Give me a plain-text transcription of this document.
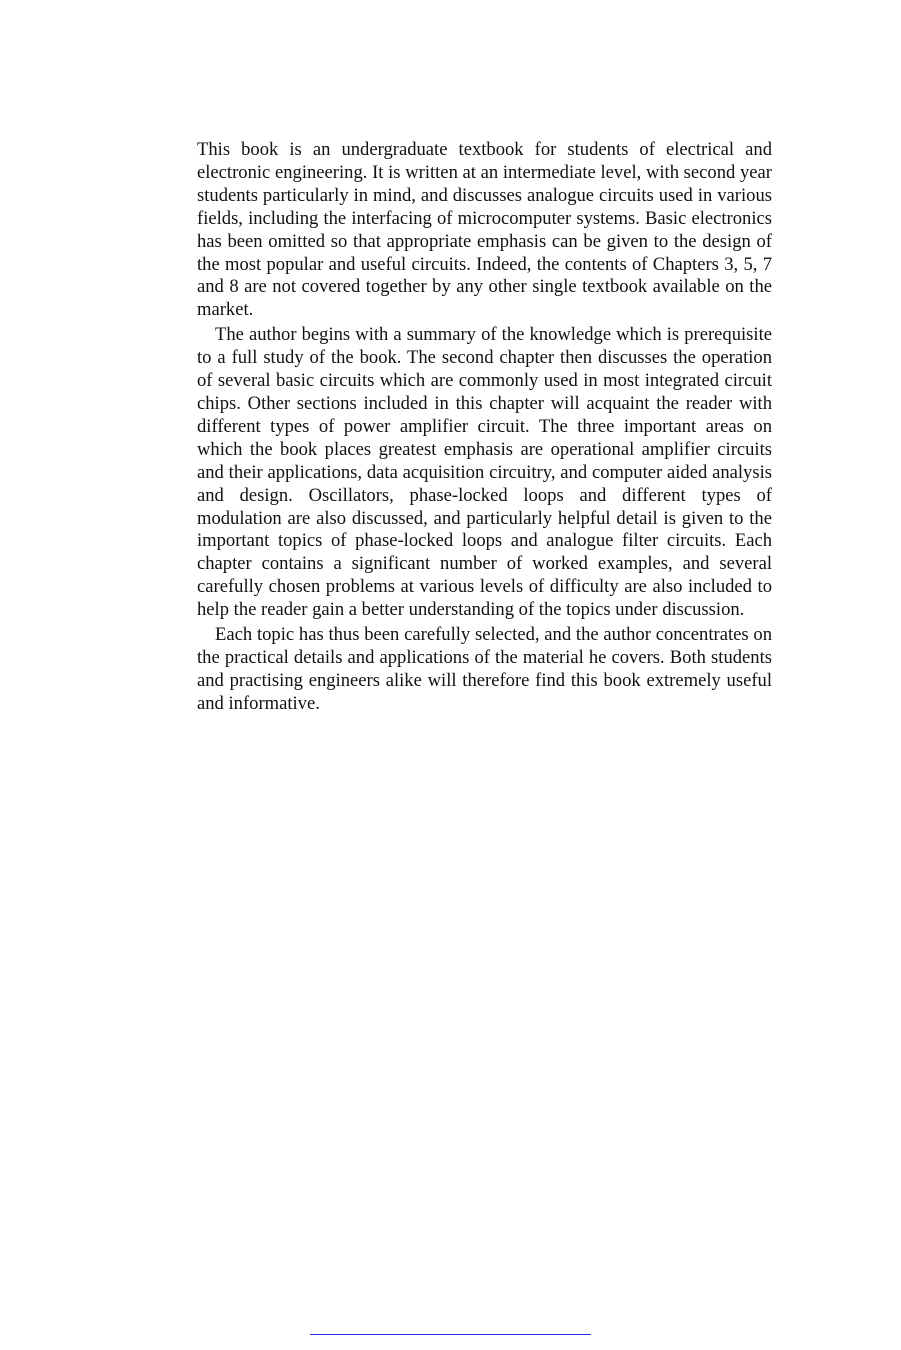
This book is an undergraduate textbook for students of electrical and electronic engineering. It is written at an intermediate level, with second year students particularly in mind, and discusses analogue circuits used in various fields, including the interfacing of microcomputer systems. Basic electronics has been omitted so that appropriate emphasis can be given to the design of the most popular and useful circuits. Indeed, the contents of Chapters 3, 5, 7 and 8 are not covered together by any other single textbook available on the market.

The author begins with a summary of the knowledge which is prerequisite to a full study of the book. The second chapter then discusses the operation of several basic circuits which are commonly used in most integrated circuit chips. Other sections included in this chapter will acquaint the reader with different types of power amplifier circuit. The three important areas on which the book places greatest emphasis are operational amplifier circuits and their applications, data acquisition circuitry, and computer aided analysis and design. Oscillators, phase-locked loops and different types of modulation are also discussed, and particularly helpful detail is given to the important topics of phase-locked loops and analogue filter circuits. Each chapter contains a significant number of worked examples, and several carefully chosen problems at various levels of difficulty are also included to help the reader gain a better understanding of the topics under discussion.

Each topic has thus been carefully selected, and the author concentrates on the practical details and applications of the material he covers. Both students and practising engineers alike will therefore find this book extremely useful and informative.
